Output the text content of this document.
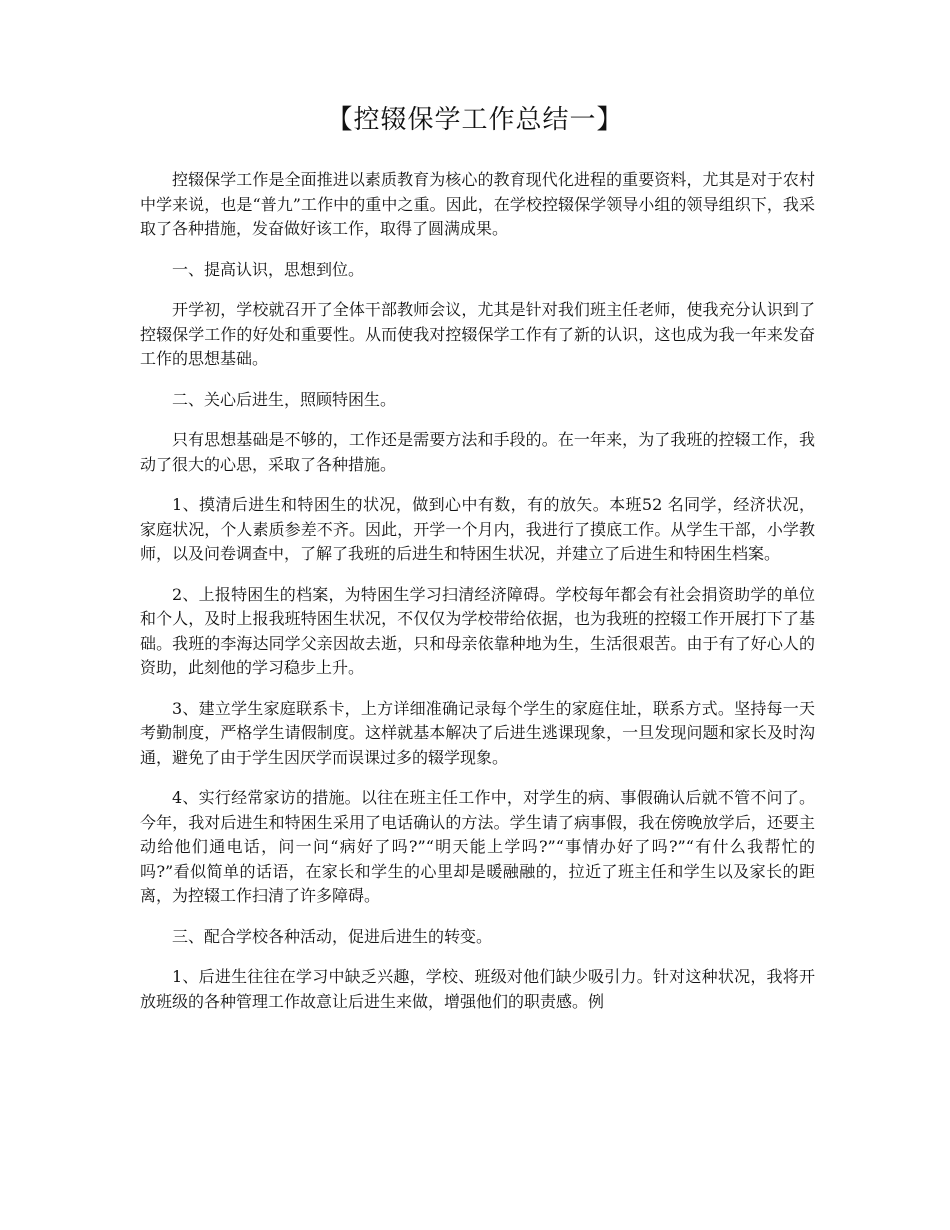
【控辍保学工作总结一】

控辍保学工作是全面推进以素质教育为核心的教育现代化进程的重要资料，尤其是对于农村中学来说，也是“普九”工作中的重中之重。因此，在学校控辍保学领导小组的领导组织下，我采取了各种措施，发奋做好该工作，取得了圆满成果。

一、提高认识，思想到位。

开学初，学校就召开了全体干部教师会议，尤其是针对我们班主任老师，使我充分认识到了控辍保学工作的好处和重要性。从而使我对控辍保学工作有了新的认识，这也成为我一年来发奋工作的思想基础。

二、关心后进生，照顾特困生。

只有思想基础是不够的，工作还是需要方法和手段的。在一年来，为了我班的控辍工作，我动了很大的心思，采取了各种措施。

1、摸清后进生和特困生的状况，做到心中有数，有的放矢。本班52 名同学，经济状况，家庭状况，个人素质参差不齐。因此，开学一个月内，我进行了摸底工作。从学生干部，小学教师，以及问卷调查中，了解了我班的后进生和特困生状况，并建立了后进生和特困生档案。

2、上报特困生的档案，为特困生学习扫清经济障碍。学校每年都会有社会捐资助学的单位和个人，及时上报我班特困生状况，不仅仅为学校带给依据，也为我班的控辍工作开展打下了基础。我班的李海达同学父亲因故去逝，只和母亲依靠种地为生，生活很艰苦。由于有了好心人的资助，此刻他的学习稳步上升。

3、建立学生家庭联系卡，上方详细准确记录每个学生的家庭住址，联系方式。坚持每一天考勤制度，严格学生请假制度。这样就基本解决了后进生逃课现象，一旦发现问题和家长及时沟通，避免了由于学生因厌学而误课过多的辍学现象。

4、实行经常家访的措施。以往在班主任工作中，对学生的病、事假确认后就不管不问了。今年，我对后进生和特困生采用了电话确认的方法。学生请了病事假，我在傍晚放学后，还要主动给他们通电话，问一问“病好了吗?”“明天能上学吗?”“事情办好了吗?”“有什么我帮忙的吗?”看似简单的话语，在家长和学生的心里却是暖融融的，拉近了班主任和学生以及家长的距离，为控辍工作扫清了许多障碍。

三、配合学校各种活动，促进后进生的转变。

1、后进生往往在学习中缺乏兴趣，学校、班级对他们缺少吸引力。针对这种状况，我将开放班级的各种管理工作故意让后进生来做，增强他们的职责感。例
